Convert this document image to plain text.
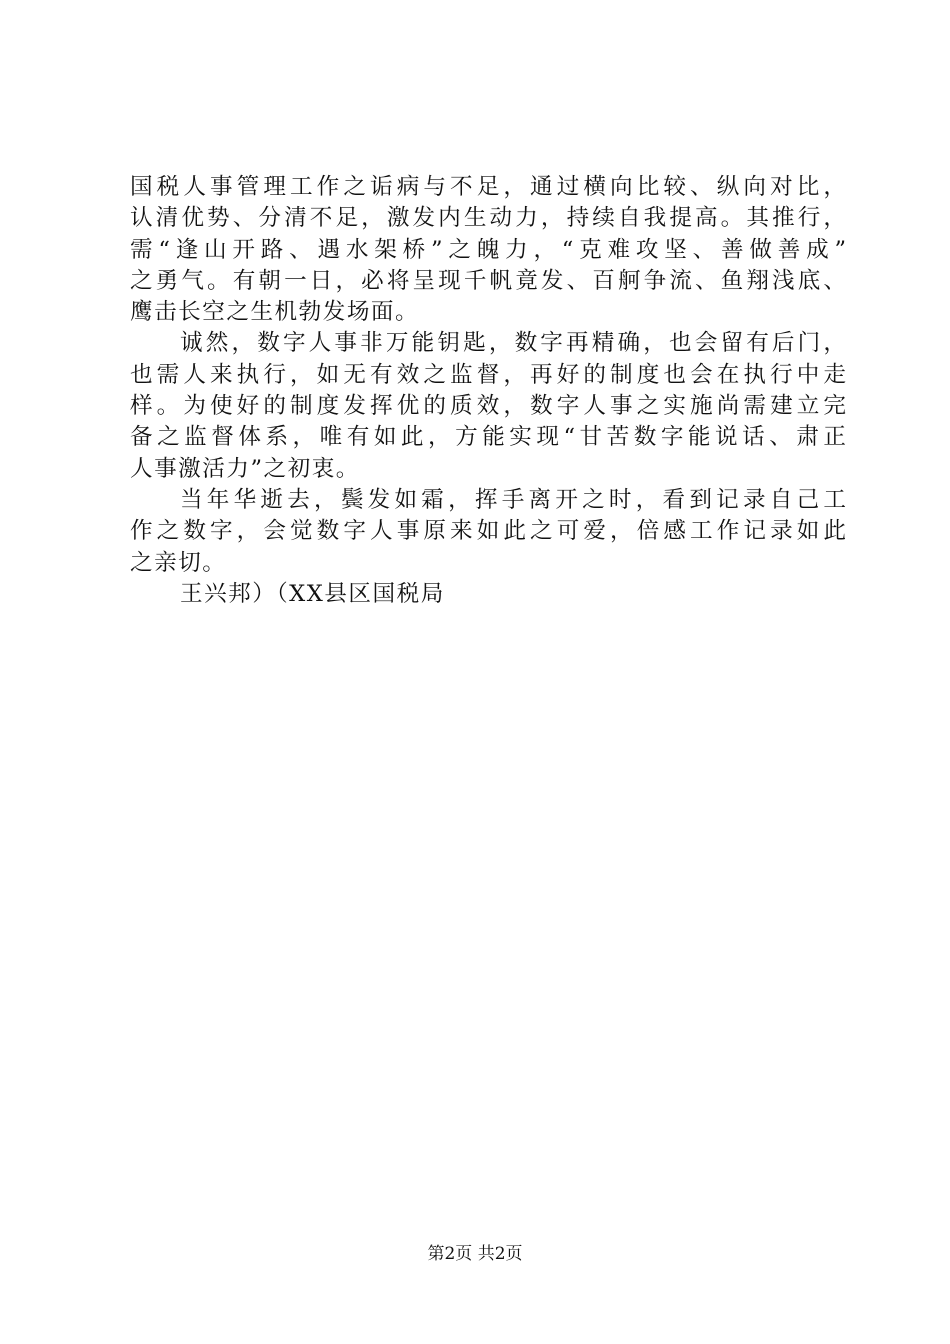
国税人事管理工作之诟病与不足，通过横向比较、纵向对比，
认清优势、分清不足，激发内生动力，持续自我提高。其推行，
需“逢山开路、遇水架桥”之魄力，“克难攻坚、善做善成”
之勇气。有朝一日，必将呈现千帆竟发、百舸争流、鱼翔浅底、
鹰击长空之生机勃发场面。
诚然，数字人事非万能钥匙，数字再精确，也会留有后门，
也需人来执行，如无有效之监督，再好的制度也会在执行中走
样。为使好的制度发挥优的质效，数字人事之实施尚需建立完
备之监督体系，唯有如此，方能实现“甘苦数字能说话、肃正
人事激活力”之初衷。
当年华逝去，鬓发如霜，挥手离开之时，看到记录自己工
作之数字，会觉数字人事原来如此之可爱，倍感工作记录如此
之亲切。
王兴邦）（XX县区国税局
第2页 共2页
